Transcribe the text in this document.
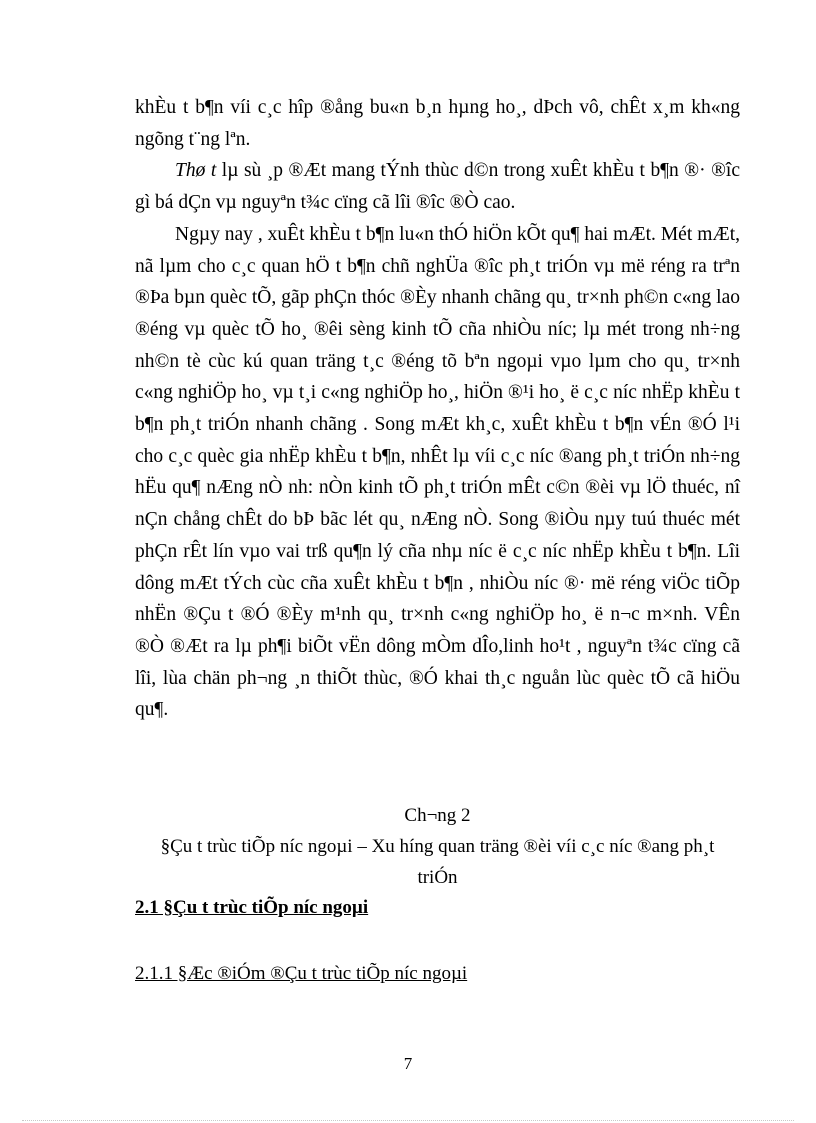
khÈu t b¶n víi c¸c hîp ®ång bu«n b¸n hµng ho¸, dÞch vô, chÊt x¸m kh«ng ngõng t¨ng lªn.

Thø t lµ sù ¸p ®Æt mang tÝnh thùc d©n trong xuÊt khÈu t b¶n ®· ®îc gì bá dÇn vµ nguyªn t¾c cïng cã lîi ®îc ®Ò cao.

Ngµy nay , xuÊt khÈu t b¶n lu«n thÓ hiÖn kÕt qu¶ hai mÆt. Mét mÆt, nã lµm cho c¸c quan hÖ t b¶n chñ nghÜa ®îc ph¸t triÓn vµ më réng ra trªn ®Þa bµn quèc tÕ, gãp phÇn thóc ®Èy nhanh chãng qu¸ tr×nh ph©n c«ng lao ®éng vµ quèc tÕ ho¸ ®êi sèng kinh tÕ cña nhiÒu níc; lµ mét trong nh÷ng nh©n tè cùc kú quan träng t¸c ®éng tõ bªn ngoµi vµo lµm cho qu¸ tr×nh c«ng nghiÖp ho¸ vµ t¸i c«ng nghiÖp ho¸, hiÖn ®¹i ho¸ ë c¸c níc nhËp khÈu t b¶n ph¸t triÓn nhanh chãng . Song mÆt kh¸c, xuÊt khÈu t b¶n vÉn ®Ó l¹i cho c¸c quèc gia nhËp khÈu t b¶n, nhÊt lµ víi c¸c níc ®ang ph¸t triÓn nh÷ng hËu qu¶ nÆng nÒ nh: nÒn kinh tÕ ph¸t triÓn mÊt c©n ®èi vµ lÖ thuéc, nî nÇn chång chÊt do bÞ bãc lét qu¸ nÆng nÒ. Song ®iÒu nµy tuú thuéc mét phÇn rÊt lín vµo vai trß qu¶n lý cña nhµ níc ë c¸c níc nhËp khÈu t b¶n. Lîi dông mÆt tÝch cùc cña xuÊt khÈu t b¶n , nhiÒu níc ®· më réng viÖc tiÕp nhËn ®Çu t ®Ó ®Èy m¹nh qu¸ tr×nh c«ng nghiÖp ho¸ ë n¬c m×nh. VÊn ®Ò ®Æt ra lµ ph¶i biÕt vËn dông mÒm dÎo,linh ho¹t , nguyªn t¾c cïng cã lîi, lùa chän ph¬ng ¸n thiÕt thùc, ®Ó khai th¸c nguån lùc quèc tÕ cã hiÖu qu¶.

Ch¬ng 2

§Çu t trùc tiÕp níc ngoµi – Xu híng quan träng ®èi víi c¸c níc ®ang ph¸t triÓn

2.1 §Çu t trùc tiÕp níc ngoµi

2.1.1 §Æc ®iÓm ®Çu t trùc tiÕp níc ngoµi

7
